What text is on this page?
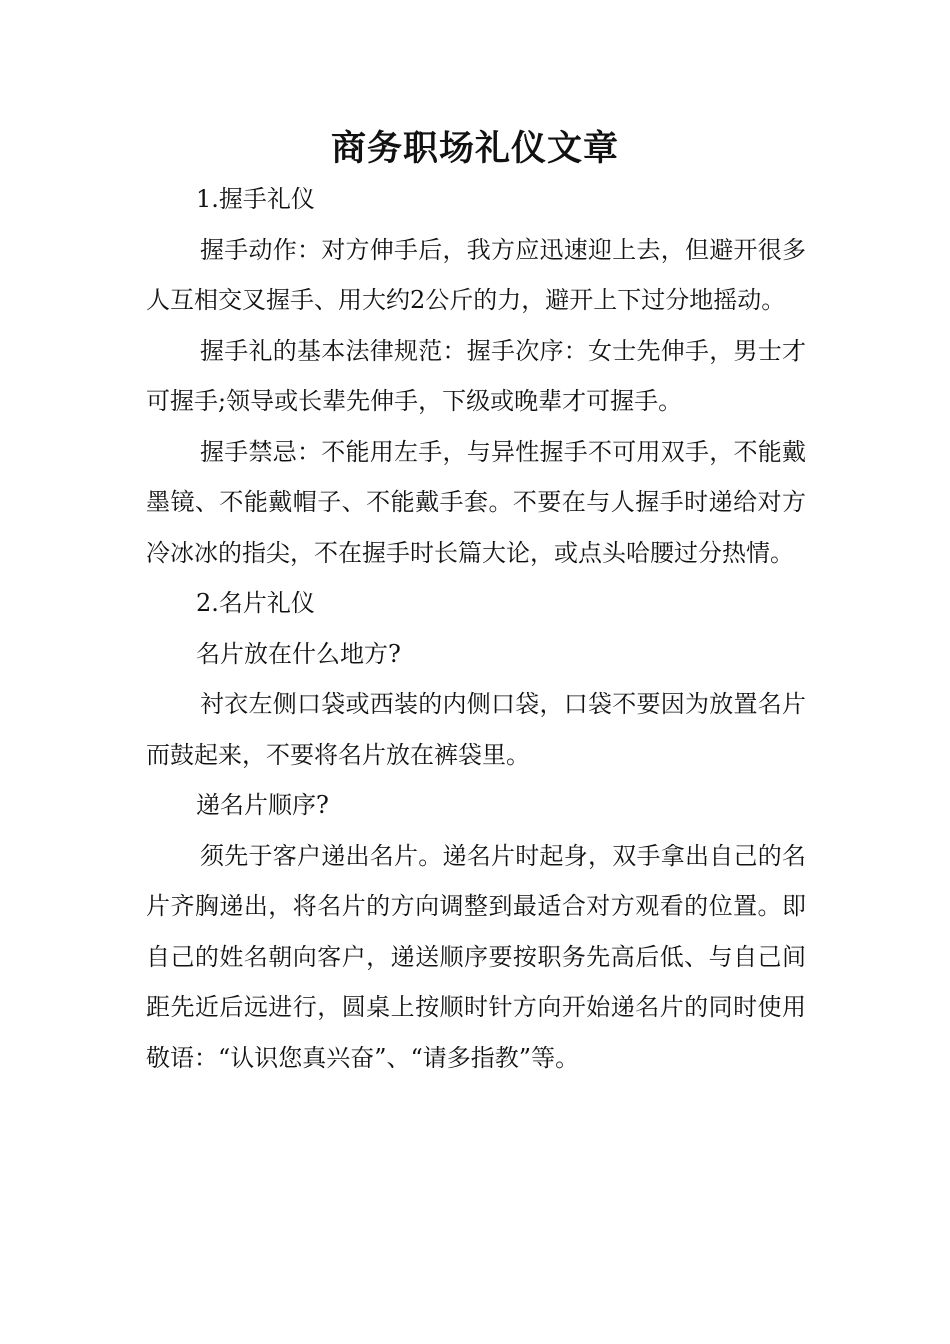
商务职场礼仪文章

1.握手礼仪

握手动作：对方伸手后，我方应迅速迎上去，但避开很多人互相交叉握手、用大约2公斤的力，避开上下过分地摇动。

握手礼的基本法律规范：握手次序：女士先伸手，男士才可握手;领导或长辈先伸手，下级或晚辈才可握手。

握手禁忌：不能用左手，与异性握手不可用双手，不能戴墨镜、不能戴帽子、不能戴手套。不要在与人握手时递给对方冷冰冰的指尖，不在握手时长篇大论，或点头哈腰过分热情。

2.名片礼仪

名片放在什么地方?

衬衣左侧口袋或西装的内侧口袋，口袋不要因为放置名片而鼓起来，不要将名片放在裤袋里。

递名片顺序?

须先于客户递出名片。递名片时起身，双手拿出自己的名片齐胸递出，将名片的方向调整到最适合对方观看的位置。即自己的姓名朝向客户，递送顺序要按职务先高后低、与自己间距先近后远进行，圆桌上按顺时针方向开始递名片的同时使用敬语：“认识您真兴奋”、“请多指教”等。
